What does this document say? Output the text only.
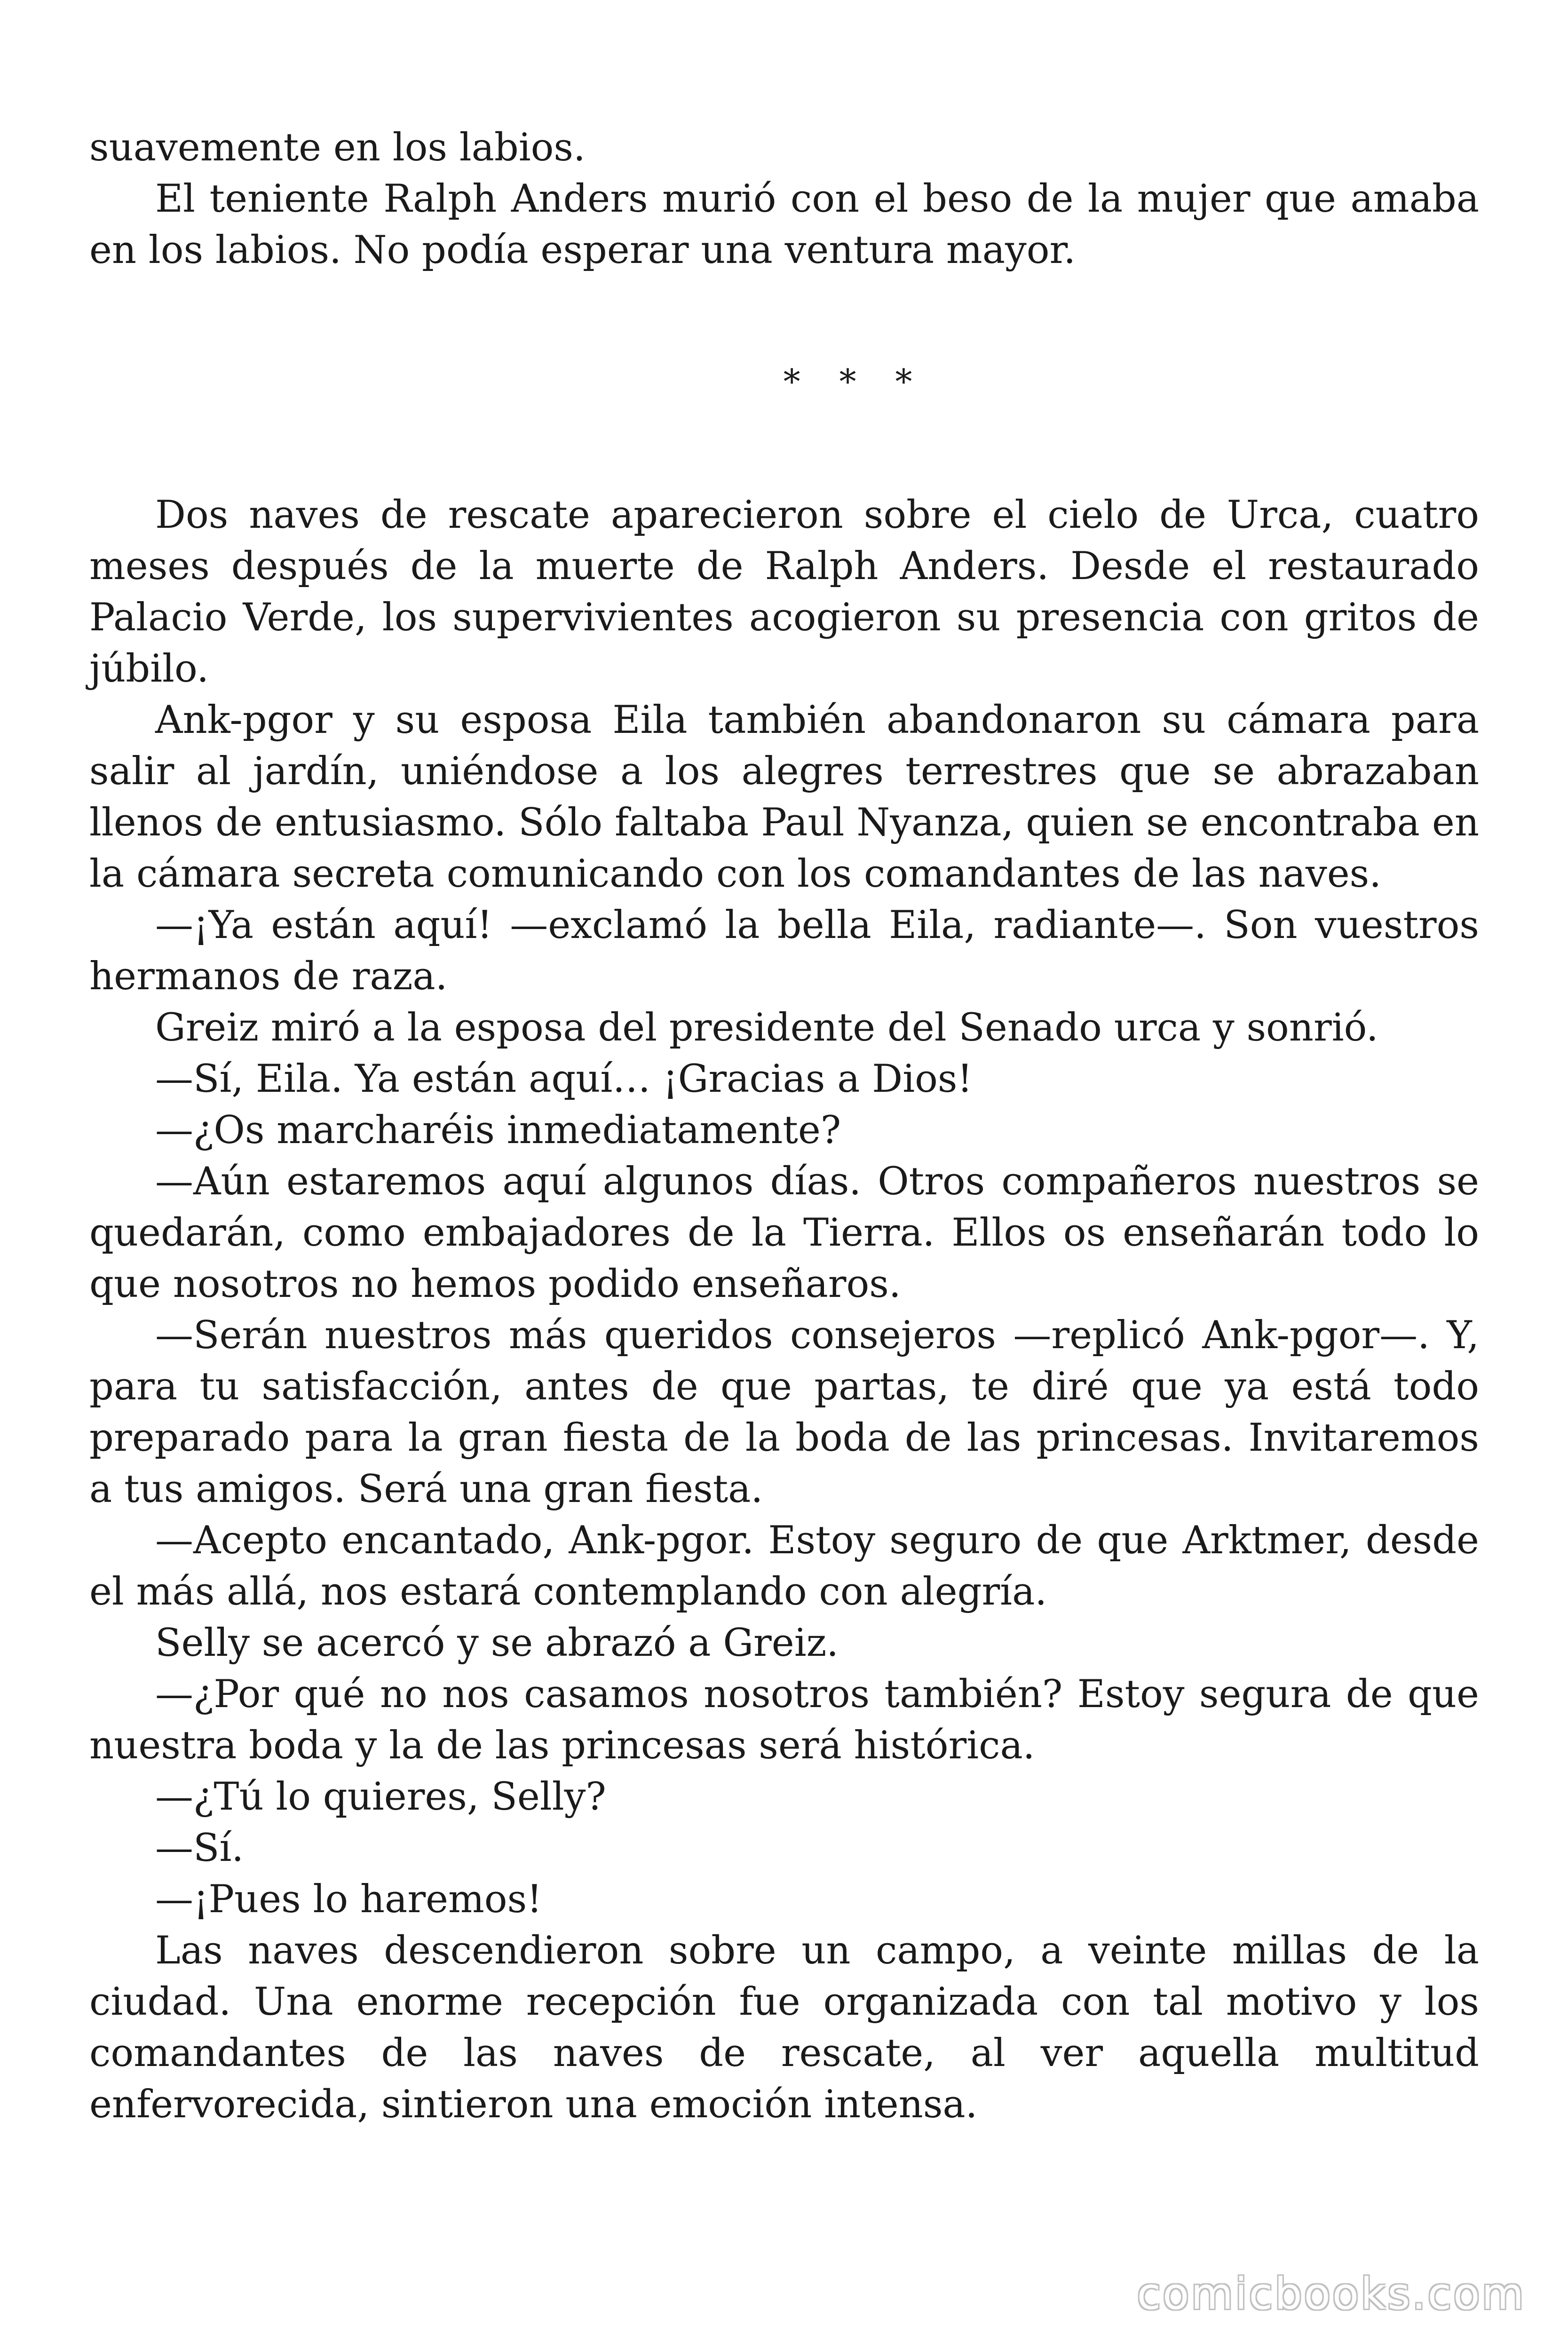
suavemente en los labios.

El teniente Ralph Anders murió con el beso de la mujer que amaba en los labios. No podía esperar una ventura mayor.

* * *

Dos naves de rescate aparecieron sobre el cielo de Urca, cuatro meses después de la muerte de Ralph Anders. Desde el restaurado Palacio Verde, los supervivientes acogieron su presencia con gritos de júbilo.

Ank-pgor y su esposa Eila también abandonaron su cámara para salir al jardín, uniéndose a los alegres terrestres que se abrazaban llenos de entusiasmo. Sólo faltaba Paul Nyanza, quien se encontraba en la cámara secreta comunicando con los comandantes de las naves.

—¡Ya están aquí! —exclamó la bella Eila, radiante—. Son vuestros hermanos de raza.

Greiz miró a la esposa del presidente del Senado urca y sonrió.

—Sí, Eila. Ya están aquí… ¡Gracias a Dios!

—¿Os marcharéis inmediatamente?

—Aún estaremos aquí algunos días. Otros compañeros nuestros se quedarán, como embajadores de la Tierra. Ellos os enseñarán todo lo que nosotros no hemos podido enseñaros.

—Serán nuestros más queridos consejeros —replicó Ank-pgor—. Y, para tu satisfacción, antes de que partas, te diré que ya está todo preparado para la gran fiesta de la boda de las princesas. Invitaremos a tus amigos. Será una gran fiesta.

—Acepto encantado, Ank-pgor. Estoy seguro de que Arktmer, desde el más allá, nos estará contemplando con alegría.

Selly se acercó y se abrazó a Greiz.

—¿Por qué no nos casamos nosotros también? Estoy segura de que nuestra boda y la de las princesas será histórica.

—¿Tú lo quieres, Selly?

—Sí.

—¡Pues lo haremos!

Las naves descendieron sobre un campo, a veinte millas de la ciudad. Una enorme recepción fue organizada con tal motivo y los comandantes de las naves de rescate, al ver aquella multitud enfervorecida, sintieron una emoción intensa.

comicbooks.com
